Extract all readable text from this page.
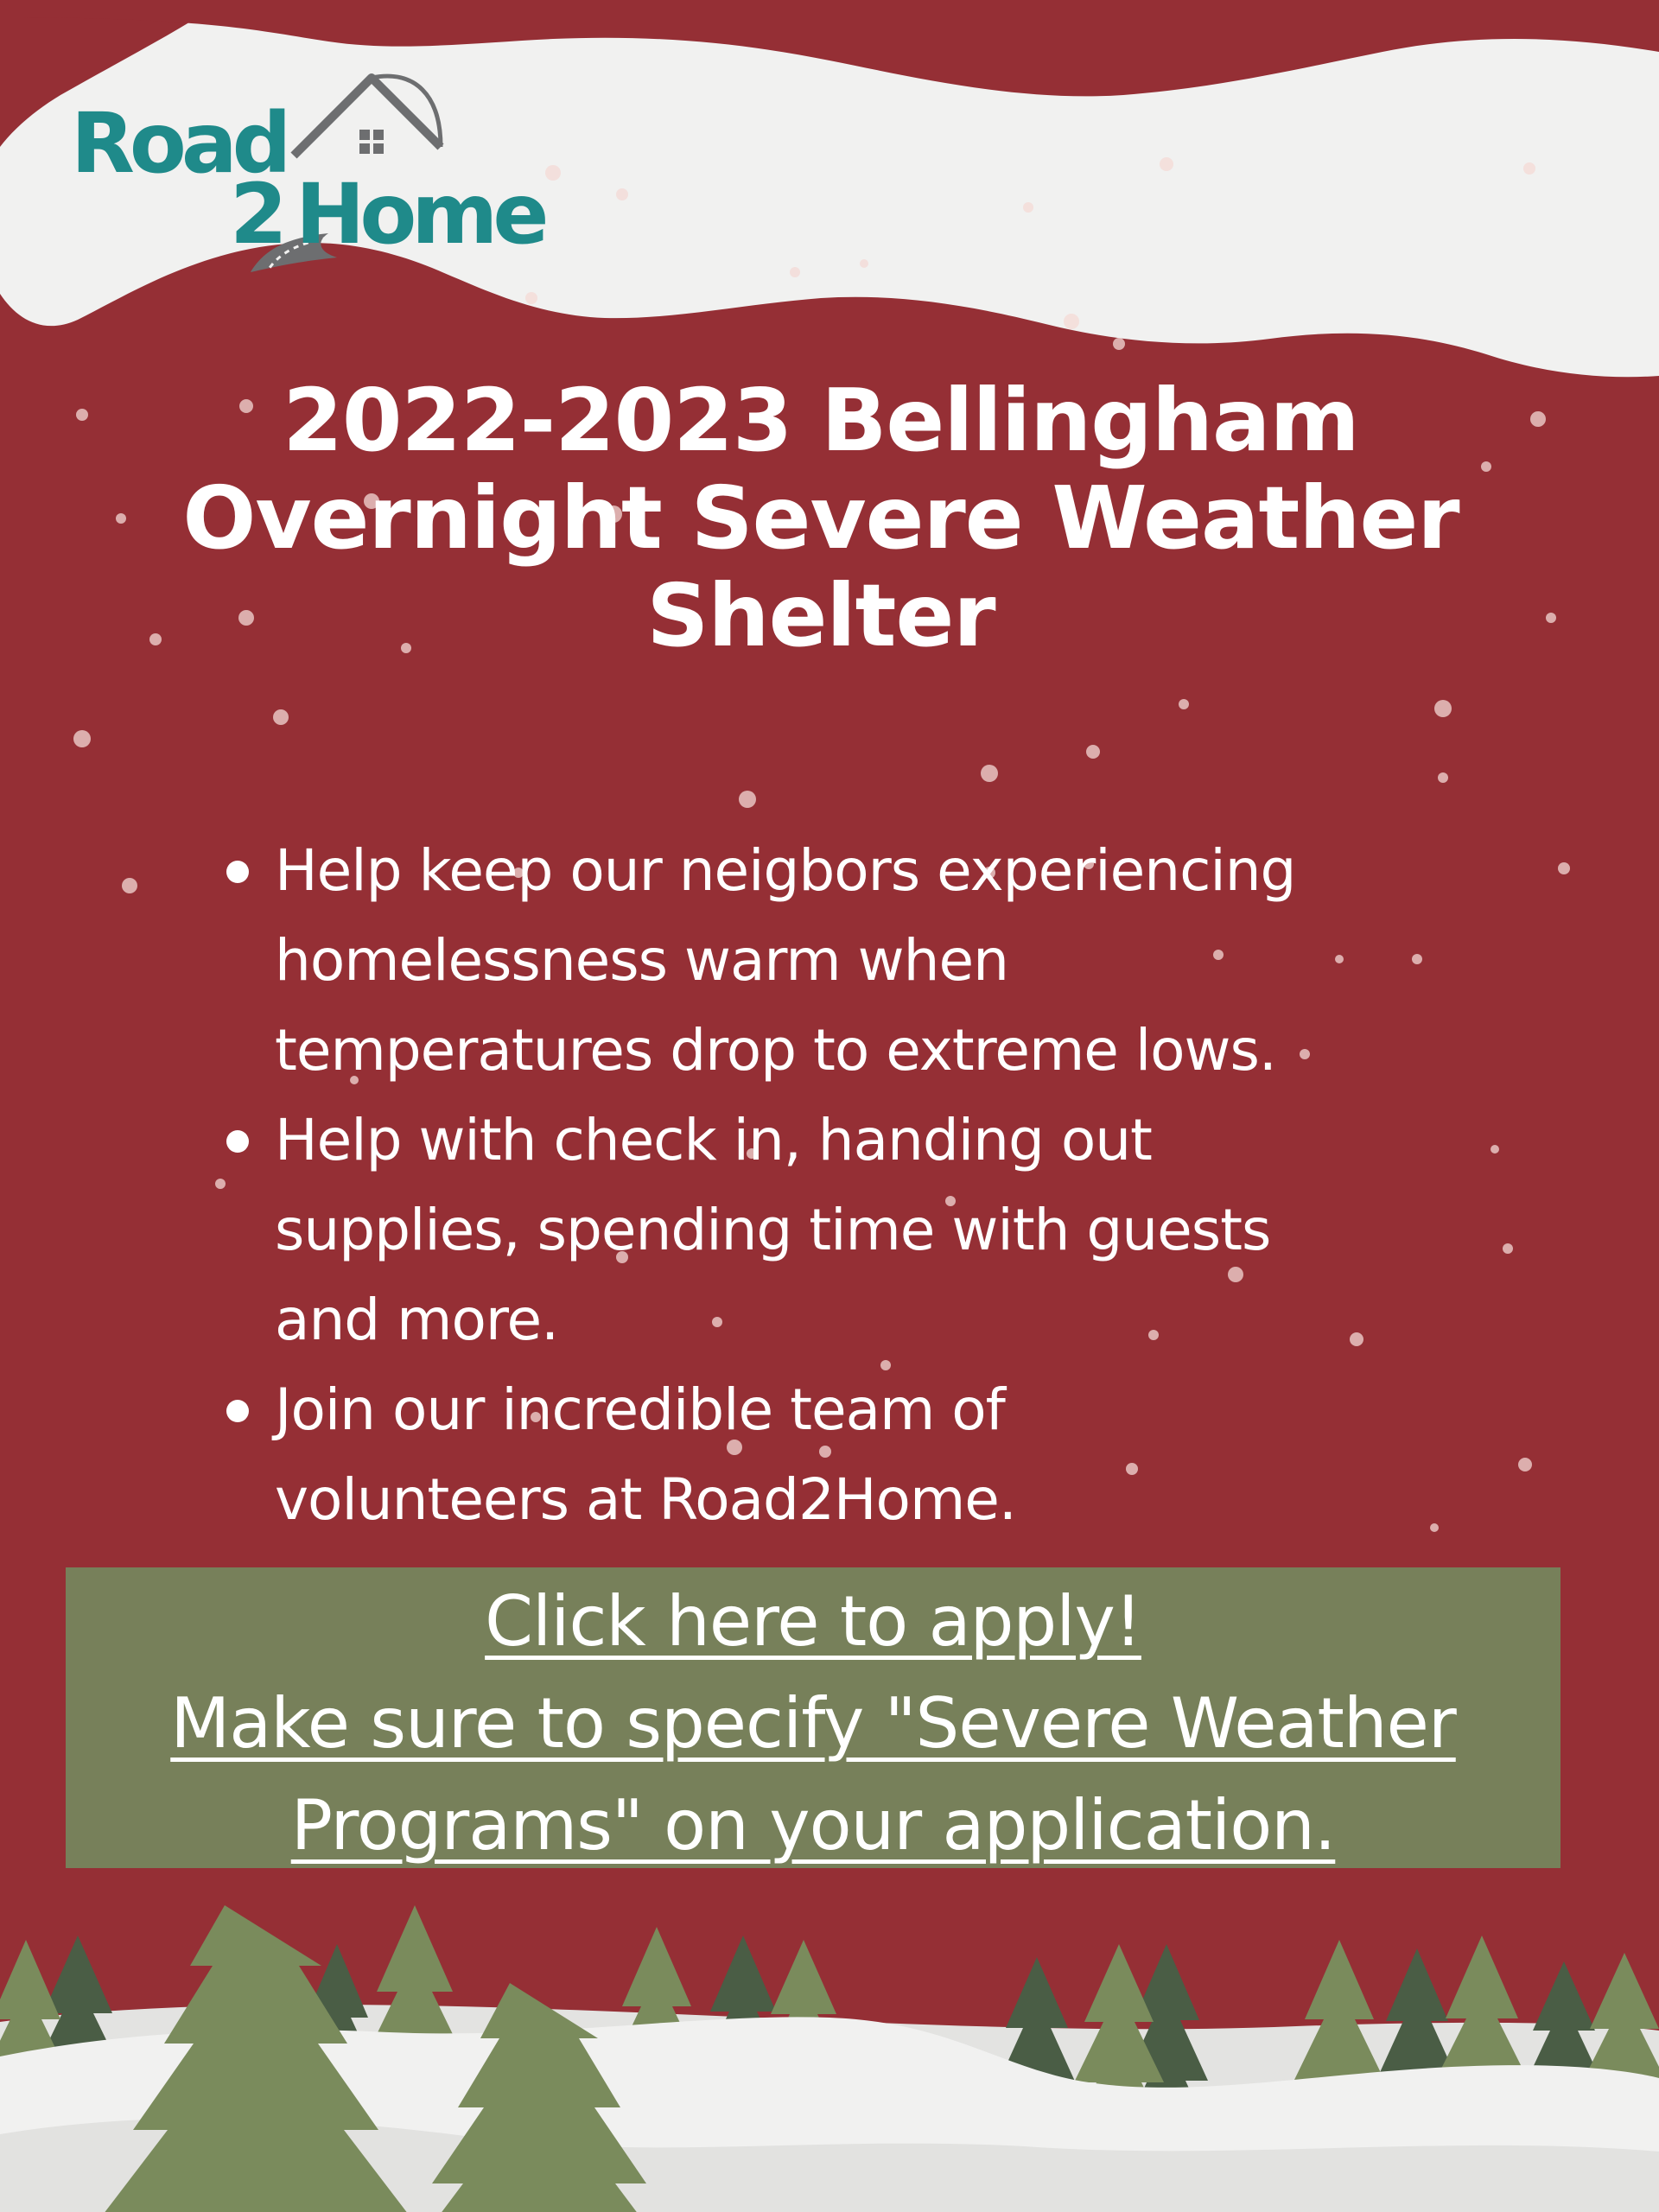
Road
2 Home
2022-2023 Bellingham
Overnight Severe Weather
Shelter
Help keep our neigbors experiencing
homelessness warm when
temperatures drop to extreme lows.
Help with check in, handing out
supplies, spending time with guests
and more.
Join our incredible team of
volunteers at Road2Home.
Click here to apply!
Make sure to specify "Severe Weather
Programs" on your application.
